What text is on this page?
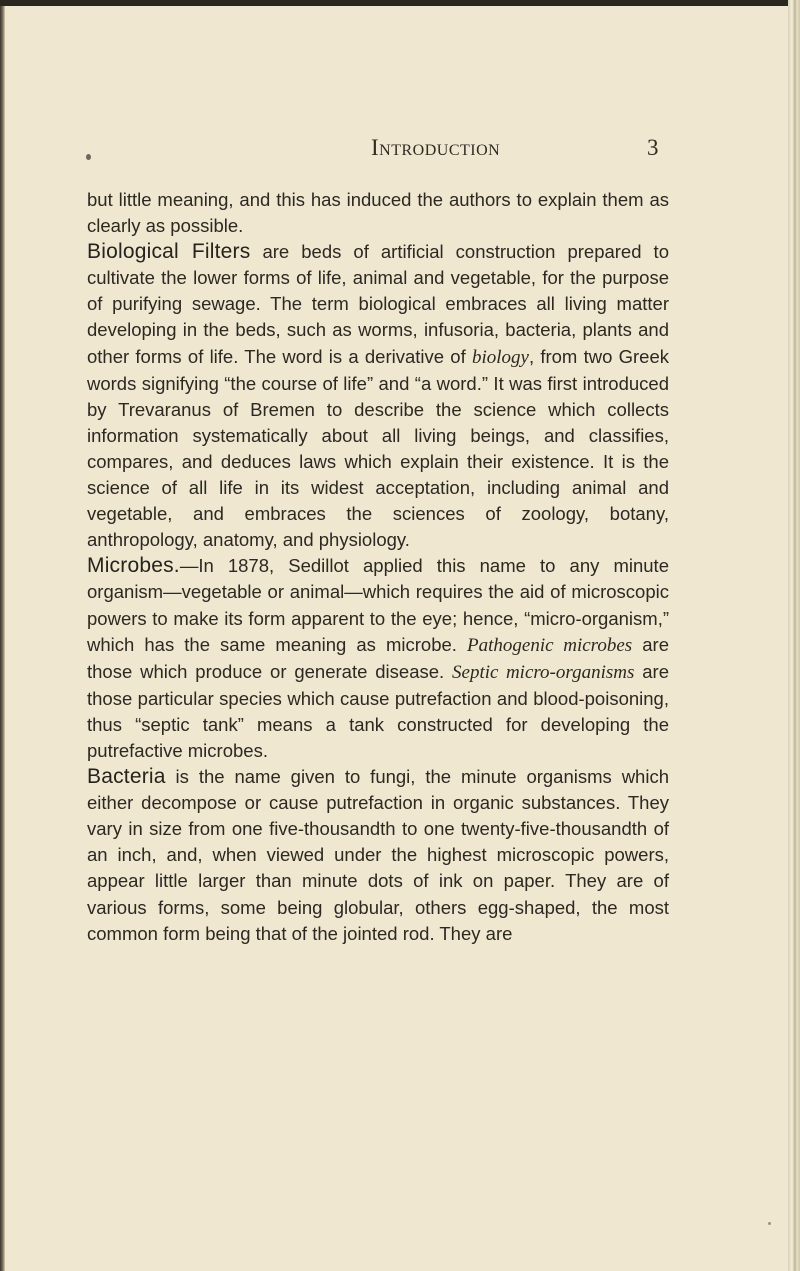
Introduction	3

but little meaning, and this has induced the authors to explain them as clearly as possible.

Biological Filters are beds of artificial construction prepared to cultivate the lower forms of life, animal and vegetable, for the purpose of purifying sewage. The term biological embraces all living matter developing in the beds, such as worms, infusoria, bacteria, plants and other forms of life. The word is a derivative of biology, from two Greek words signifying “the course of life” and “a word.” It was first introduced by Trevaranus of Bremen to describe the science which collects information systematically about all living beings, and classifies, compares, and deduces laws which explain their existence. It is the science of all life in its widest acceptation, including animal and vegetable, and embraces the sciences of zoology, botany, anthropology, anatomy, and physiology.

Microbes.—In 1878, Sedillot applied this name to any minute organism—vegetable or animal—which requires the aid of microscopic powers to make its form apparent to the eye; hence, “micro-organism,” which has the same meaning as microbe. Pathogenic microbes are those which produce or generate disease. Septic micro-organisms are those particular species which cause putrefaction and blood-poisoning, thus “septic tank” means a tank constructed for developing the putrefactive microbes.

Bacteria is the name given to fungi, the minute organisms which either decompose or cause putrefaction in organic substances. They vary in size from one five-thousandth to one twenty-five-thousandth of an inch, and, when viewed under the highest microscopic powers, appear little larger than minute dots of ink on paper. They are of various forms, some being globular, others egg-shaped, the most common form being that of the jointed rod. They are
